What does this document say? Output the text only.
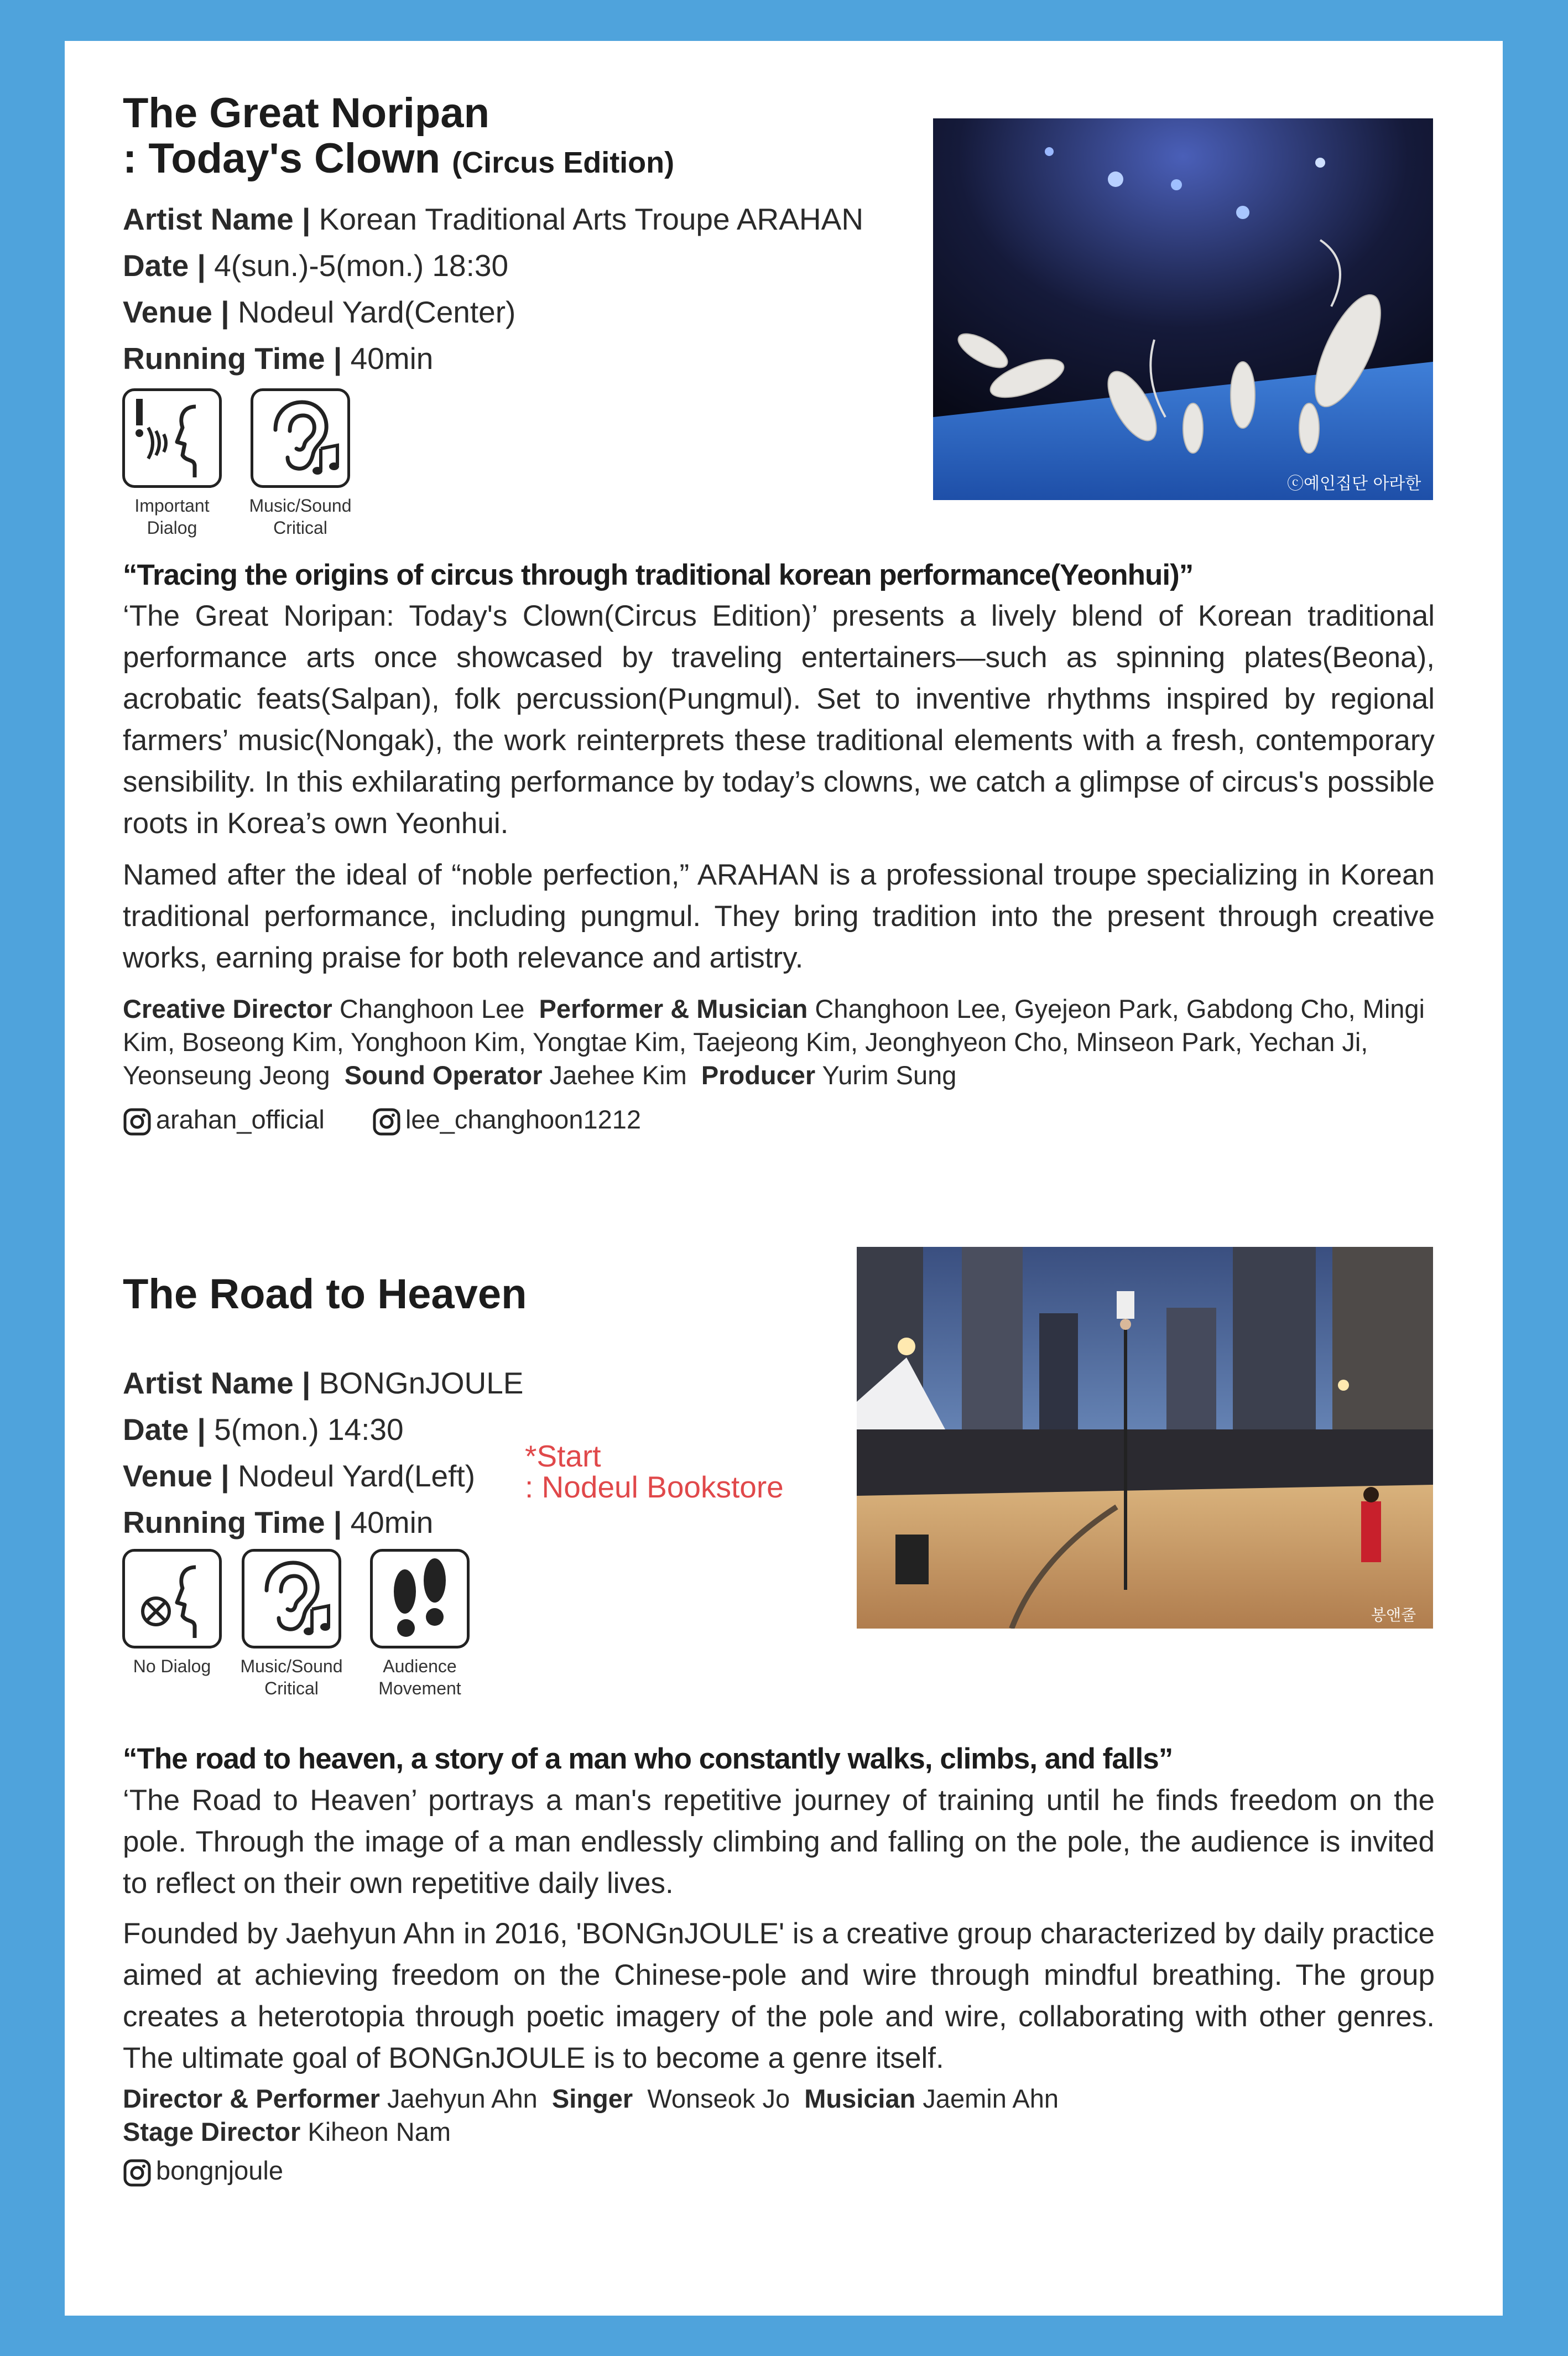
The Great Noripan
: Today's Clown (Circus Edition)
Artist Name | Korean Traditional Arts Troupe ARAHAN
Date | 4(sun.)-5(mon.) 18:30
Venue | Nodeul Yard(Center)
Running Time | 40min
Important
Dialog
Music/Sound
Critical
ⓒ예인집단 아라한
“Tracing the origins of circus through traditional korean performance(Yeonhui)”
‘The Great Noripan: Today's Clown(Circus Edition)’ presents a lively blend of Korean traditional performance arts once showcased by traveling entertainers—such as spinning plates(Beona), acrobatic feats(Salpan), folk percussion(Pungmul). Set to inventive rhythms inspired by regional farmers’ music(Nongak), the work reinterprets these traditional elements with a fresh, contemporary sensibility. In this exhilarating performance by today’s clowns, we catch a glimpse of circus's possible roots in Korea’s own Yeonhui.
Named after the ideal of “noble perfection,” ARAHAN is a professional troupe specializing in Korean traditional performance, including pungmul. They bring tradition into the present through creative works, earning praise for both relevance and artistry.
Creative Director Changhoon Lee Performer & Musician Changhoon Lee, Gyejeon Park, Gabdong Cho, Mingi Kim, Boseong Kim, Yonghoon Kim, Yongtae Kim, Taejeong Kim, Jeonghyeon Cho, Minseon Park, Yechan Ji, Yeonseung Jeong Sound Operator Jaehee Kim Producer Yurim Sung
arahan_official	lee_changhoon1212
The Road to Heaven
Artist Name | BONGnJOULE
Date | 5(mon.) 14:30
Venue | Nodeul Yard(Left)
Running Time | 40min
*Start
: Nodeul Bookstore
No Dialog	Music/Sound
Critical
Audience
Movement
봉앤줄
“The road to heaven, a story of a man who constantly walks, climbs, and falls”
‘The Road to Heaven’ portrays a man's repetitive journey of training until he finds freedom on the pole. Through the image of a man endlessly climbing and falling on the pole, the audience is invited to reflect on their own repetitive daily lives.
Founded by Jaehyun Ahn in 2016, 'BONGnJOULE' is a creative group characterized by daily practice aimed at achieving freedom on the Chinese-pole and wire through mindful breathing. The group creates a heterotopia through poetic imagery of the pole and wire, collaborating with other genres. The ultimate goal of BONGnJOULE is to become a genre itself.
Director & Performer Jaehyun Ahn Singer Wonseok Jo Musician Jaemin Ahn
Stage Director Kiheon Nam
bongnjoule
